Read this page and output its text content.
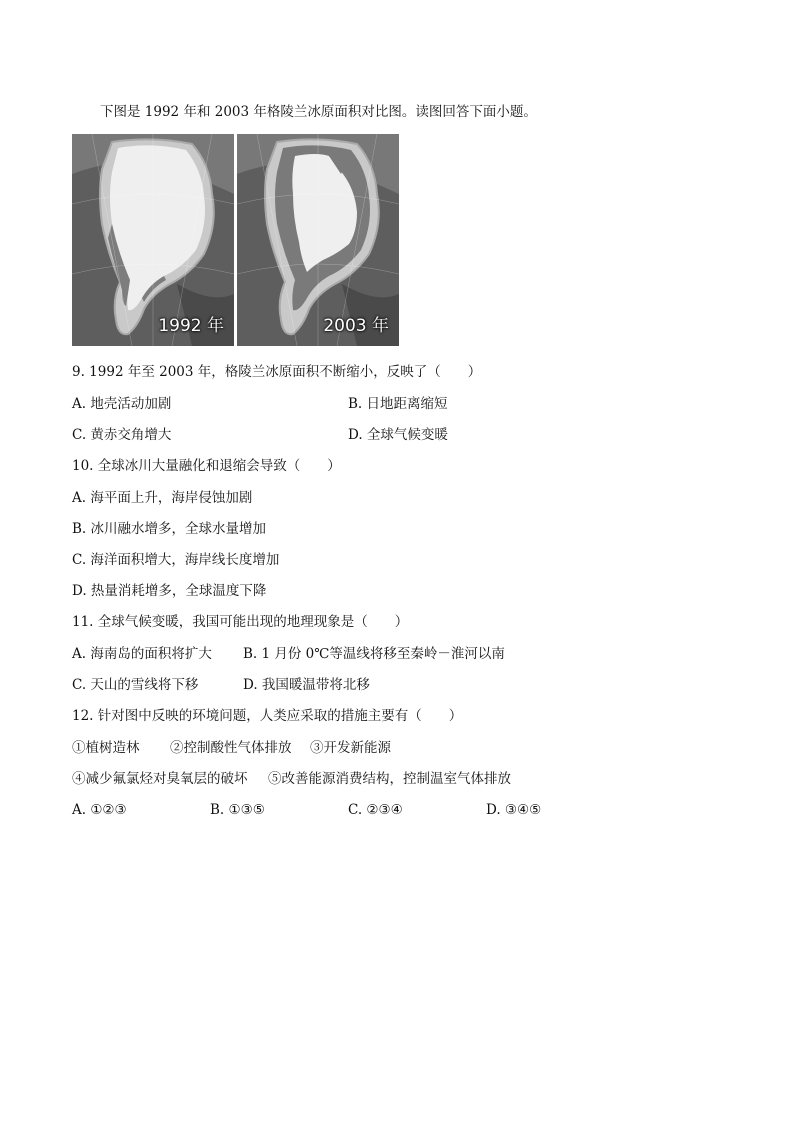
下图是 1992 年和 2003 年格陵兰冰原面积对比图。读图回答下面小题。
1992 年	2003 年
9. 1992 年至 2003 年，格陵兰冰原面积不断缩小，反映了（　　）
A. 地壳活动加剧	B. 日地距离缩短
C. 黄赤交角增大	D. 全球气候变暖
10. 全球冰川大量融化和退缩会导致（　　）
A. 海平面上升，海岸侵蚀加剧
B. 冰川融水增多，全球水量增加
C. 海洋面积增大，海岸线长度增加
D. 热量消耗增多，全球温度下降
11. 全球气候变暖，我国可能出现的地理现象是（　　）
A. 海南岛的面积将扩大 B. 1 月份 0℃等温线将移至秦岭－淮河以南
C. 天山的雪线将下移	D. 我国暖温带将北移
12. 针对图中反映的环境问题，人类应采取的措施主要有（　　）
①植树造林 ②控制酸性气体排放 ③开发新能源
④减少氟氯烃对臭氧层的破坏 ⑤改善能源消费结构，控制温室气体排放
A. ①②③	B. ①③⑤	C. ②③④	D. ③④⑤
